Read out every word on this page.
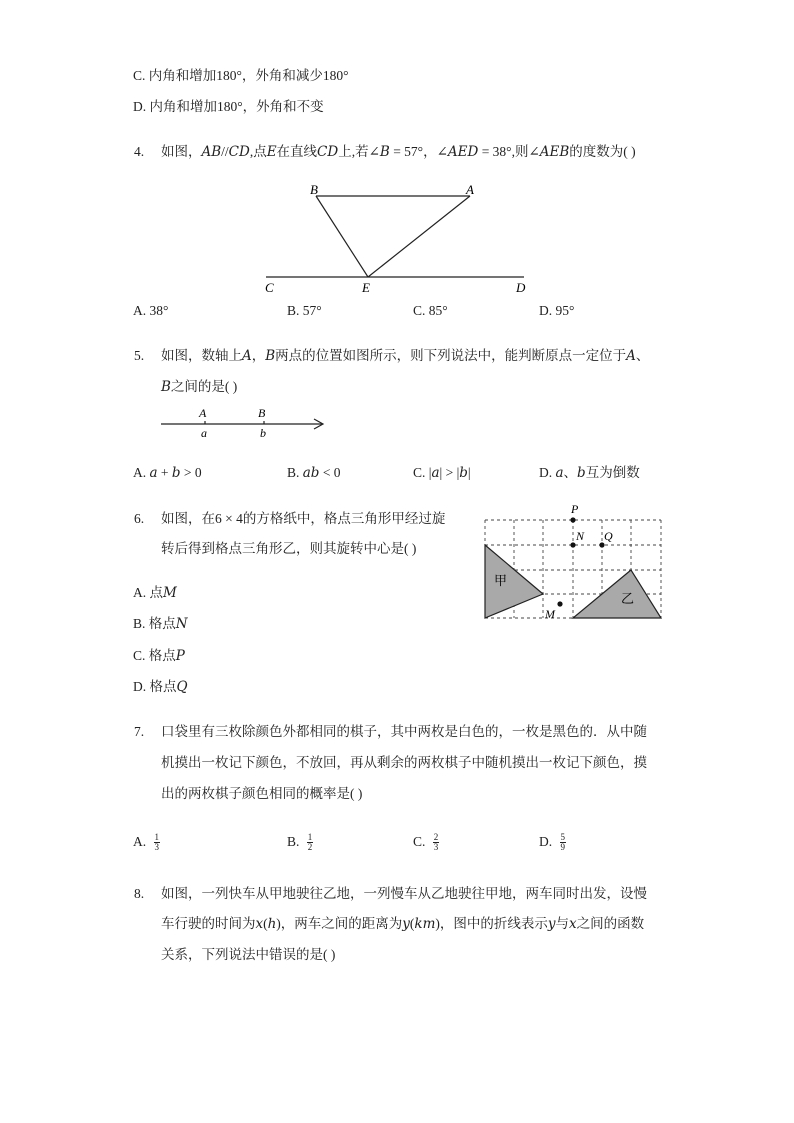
C. 内角和增加180°，外角和减少180°
D. 内角和增加180°，外角和不变
4. 如图，𝐴𝐵//𝐶𝐷,点𝐸在直线𝐶𝐷上,若∠𝐵 = 57°，∠𝐴𝐸𝐷 = 38°,则∠𝐴𝐸𝐵的度数为( )
B	A
C	E	D
A. 38°	B. 57°	C. 85°	D. 95°
5. 如图，数轴上𝐴，𝐵两点的位置如图所示，则下列说法中，能判断原点一定位于𝐴、
𝐵之间的是( )
A	B
a	b
A. 𝑎 + 𝑏 > 0	B. 𝑎𝑏 < 0	C. |𝑎| > |𝑏|	D. 𝑎、𝑏互为倒数
6. 如图，在6 × 4的方格纸中，格点三角形甲经过旋
转后得到格点三角形乙，则其旋转中心是( )
P
N Q
M
甲
乙
A. 点𝑀
B. 格点𝑁
C. 格点𝑃
D. 格点𝑄
7. 口袋里有三枚除颜色外都相同的棋子，其中两枚是白色的，一枚是黑色的．从中随
机摸出一枚记下颜色，不放回，再从剩余的两枚棋子中随机摸出一枚记下颜色，摸
出的两枚棋子颜色相同的概率是( )
A. $\frac{1}{3}$	B. $\frac{1}{2}$	C. $\frac{2}{3}$	D. $\frac{5}{9}$
8. 如图，一列快车从甲地驶往乙地，一列慢车从乙地驶往甲地，两车同时出发，设慢
车行驶的时间为𝑥(ℎ)，两车之间的距离为𝑦(𝑘𝑚)，图中的折线表示𝑦与𝑥之间的函数
关系，下列说法中错误的是( )
